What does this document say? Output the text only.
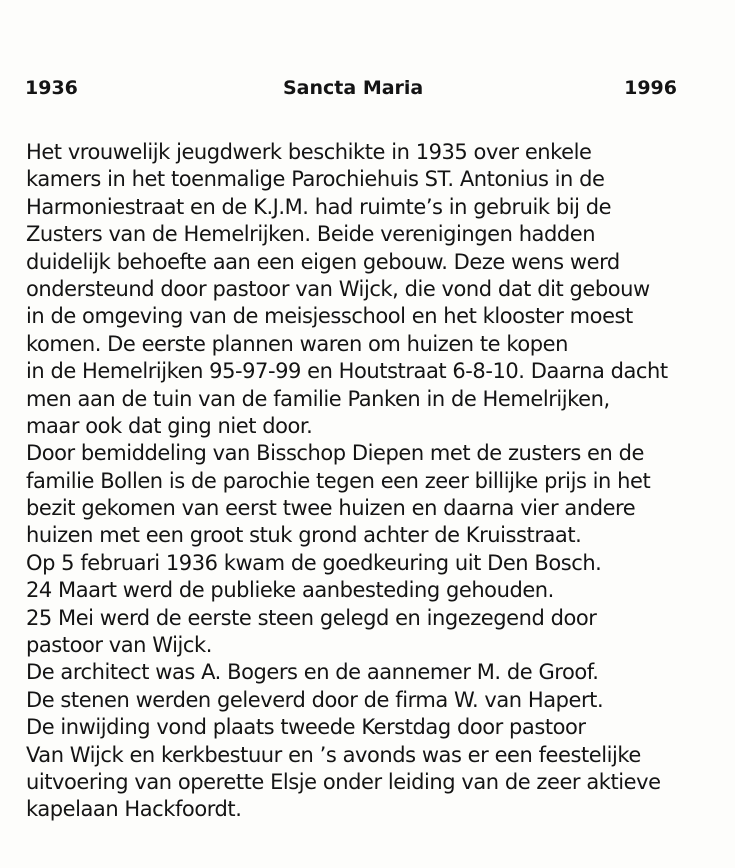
1936	Sancta Maria	1996
Het vrouwelijk jeugdwerk beschikte in 1935 over enkele
kamers in het toenmalige Parochiehuis ST. Antonius in de
Harmoniestraat en de K.J.M. had ruimte’s in gebruik bij de
Zusters van de Hemelrijken. Beide verenigingen hadden
duidelijk behoefte aan een eigen gebouw. Deze wens werd
ondersteund door pastoor van Wijck, die vond dat dit gebouw
in de omgeving van de meisjesschool en het klooster moest
komen. De eerste plannen waren om huizen te kopen
in de Hemelrijken 95-97-99 en Houtstraat 6-8-10. Daarna dacht
men aan de tuin van de familie Panken in de Hemelrijken,
maar ook dat ging niet door.
Door bemiddeling van Bisschop Diepen met de zusters en de
familie Bollen is de parochie tegen een zeer billijke prijs in het
bezit gekomen van eerst twee huizen en daarna vier andere
huizen met een groot stuk grond achter de Kruisstraat.
Op 5 februari 1936 kwam de goedkeuring uit Den Bosch.
24 Maart werd de publieke aanbesteding gehouden.
25 Mei werd de eerste steen gelegd en ingezegend door
pastoor van Wijck.
De architect was A. Bogers en de aannemer M. de Groof.
De stenen werden geleverd door de firma W. van Hapert.
De inwijding vond plaats tweede Kerstdag door pastoor
Van Wijck en kerkbestuur en ’s avonds was er een feestelijke
uitvoering van operette Elsje onder leiding van de zeer aktieve
kapelaan Hackfoordt.
